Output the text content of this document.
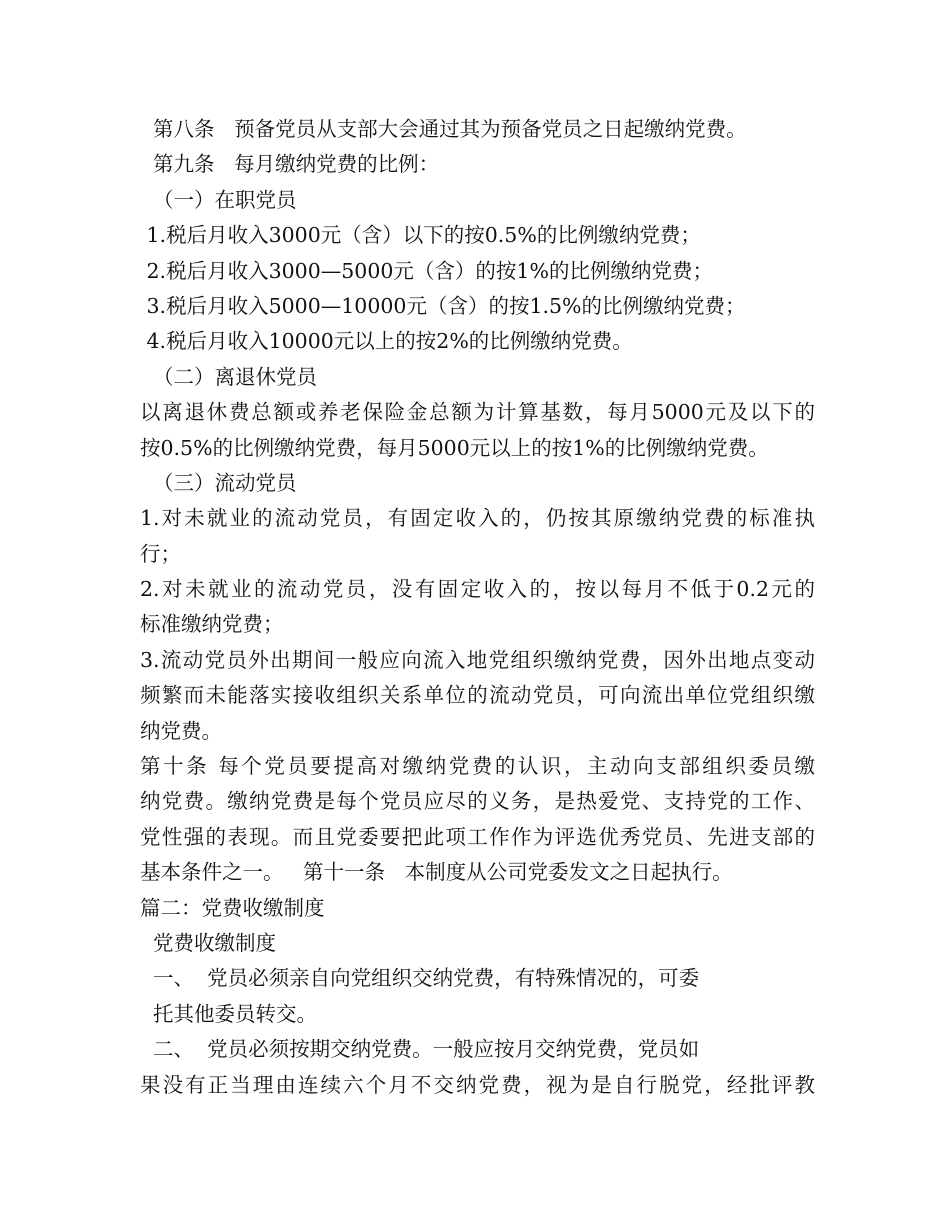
第八条   预备党员从支部大会通过其为预备党员之日起缴纳党费。
第九条   每月缴纳党费的比例：
（一）在职党员
1.税后月收入3000元（含）以下的按0.5%的比例缴纳党费；
2.税后月收入3000—5000元（含）的按1%的比例缴纳党费；
3.税后月收入5000—10000元（含）的按1.5%的比例缴纳党费；
4.税后月收入10000元以上的按2%的比例缴纳党费。
（二）离退休党员
以离退休费总额或养老保险金总额为计算基数，每月5000元及以下的
按0.5%的比例缴纳党费，每月5000元以上的按1%的比例缴纳党费。
（三）流动党员
1.对未就业的流动党员，有固定收入的，仍按其原缴纳党费的标准执
行；
2.对未就业的流动党员，没有固定收入的，按以每月不低于0.2元的
标准缴纳党费；
3.流动党员外出期间一般应向流入地党组织缴纳党费，因外出地点变动
频繁而未能落实接收组织关系单位的流动党员，可向流出单位党组织缴
纳党费。
第十条 每个党员要提高对缴纳党费的认识，主动向支部组织委员缴
纳党费。缴纳党费是每个党员应尽的义务，是热爱党、支持党的工作、
党性强的表现。而且党委要把此项工作作为评选优秀党员、先进支部的
基本条件之一。   第十一条   本制度从公司党委发文之日起执行。
篇二：党费收缴制度
党费收缴制度
一、  党员必须亲自向党组织交纳党费，有特殊情况的，可委
托其他委员转交。
二、  党员必须按期交纳党费。一般应按月交纳党费，党员如
果没有正当理由连续六个月不交纳党费，视为是自行脱党，经批评教
